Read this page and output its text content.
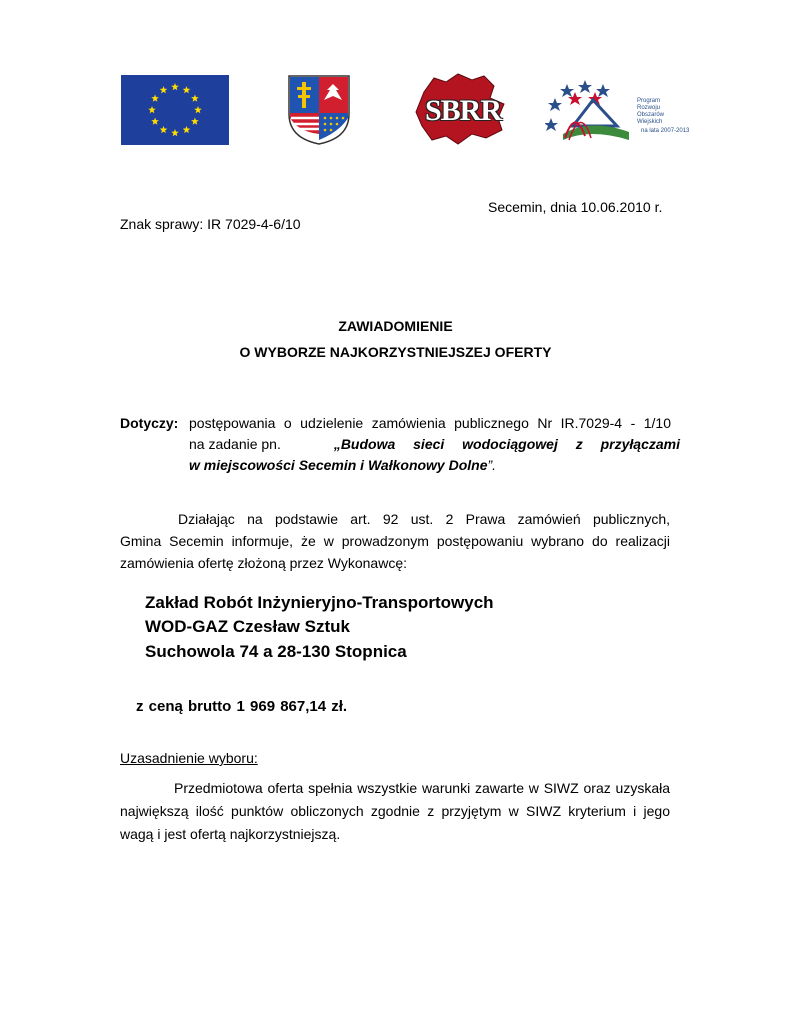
SBRR	Program
Rozwoju
Obszarów
Wiejskich
na lata 2007-2013
Secemin, dnia 10.06.2010 r.
Znak sprawy: IR 7029-4-6/10
ZAWIADOMIENIE
O WYBORZE NAJKORZYSTNIEJSZEJ OFERTY
Dotyczy: postępowania o udzielenie zamówienia publicznego Nr IR.7029-4 - 1/10
na zadanie pn.	„Budowa sieci wodociągowej z przyłączami
w miejscowości Secemin i Wałkonowy Dolne”.
Działając na podstawie art. 92 ust. 2 Prawa zamówień publicznych,
Gmina Secemin informuje, że w prowadzonym postępowaniu wybrano do realizacji
zamówienia ofertę złożoną przez Wykonawcę:
Zakład Robót Inżynieryjno-Transportowych
WOD-GAZ Czesław Sztuk
Suchowola 74 a 28-130 Stopnica
z ceną brutto 1 969 867,14 zł.
Uzasadnienie wyboru:
Przedmiotowa oferta spełnia wszystkie warunki zawarte w SIWZ oraz uzyskała
największą ilość punktów obliczonych zgodnie z przyjętym w SIWZ kryterium i jego
wagą i jest ofertą najkorzystniejszą.
